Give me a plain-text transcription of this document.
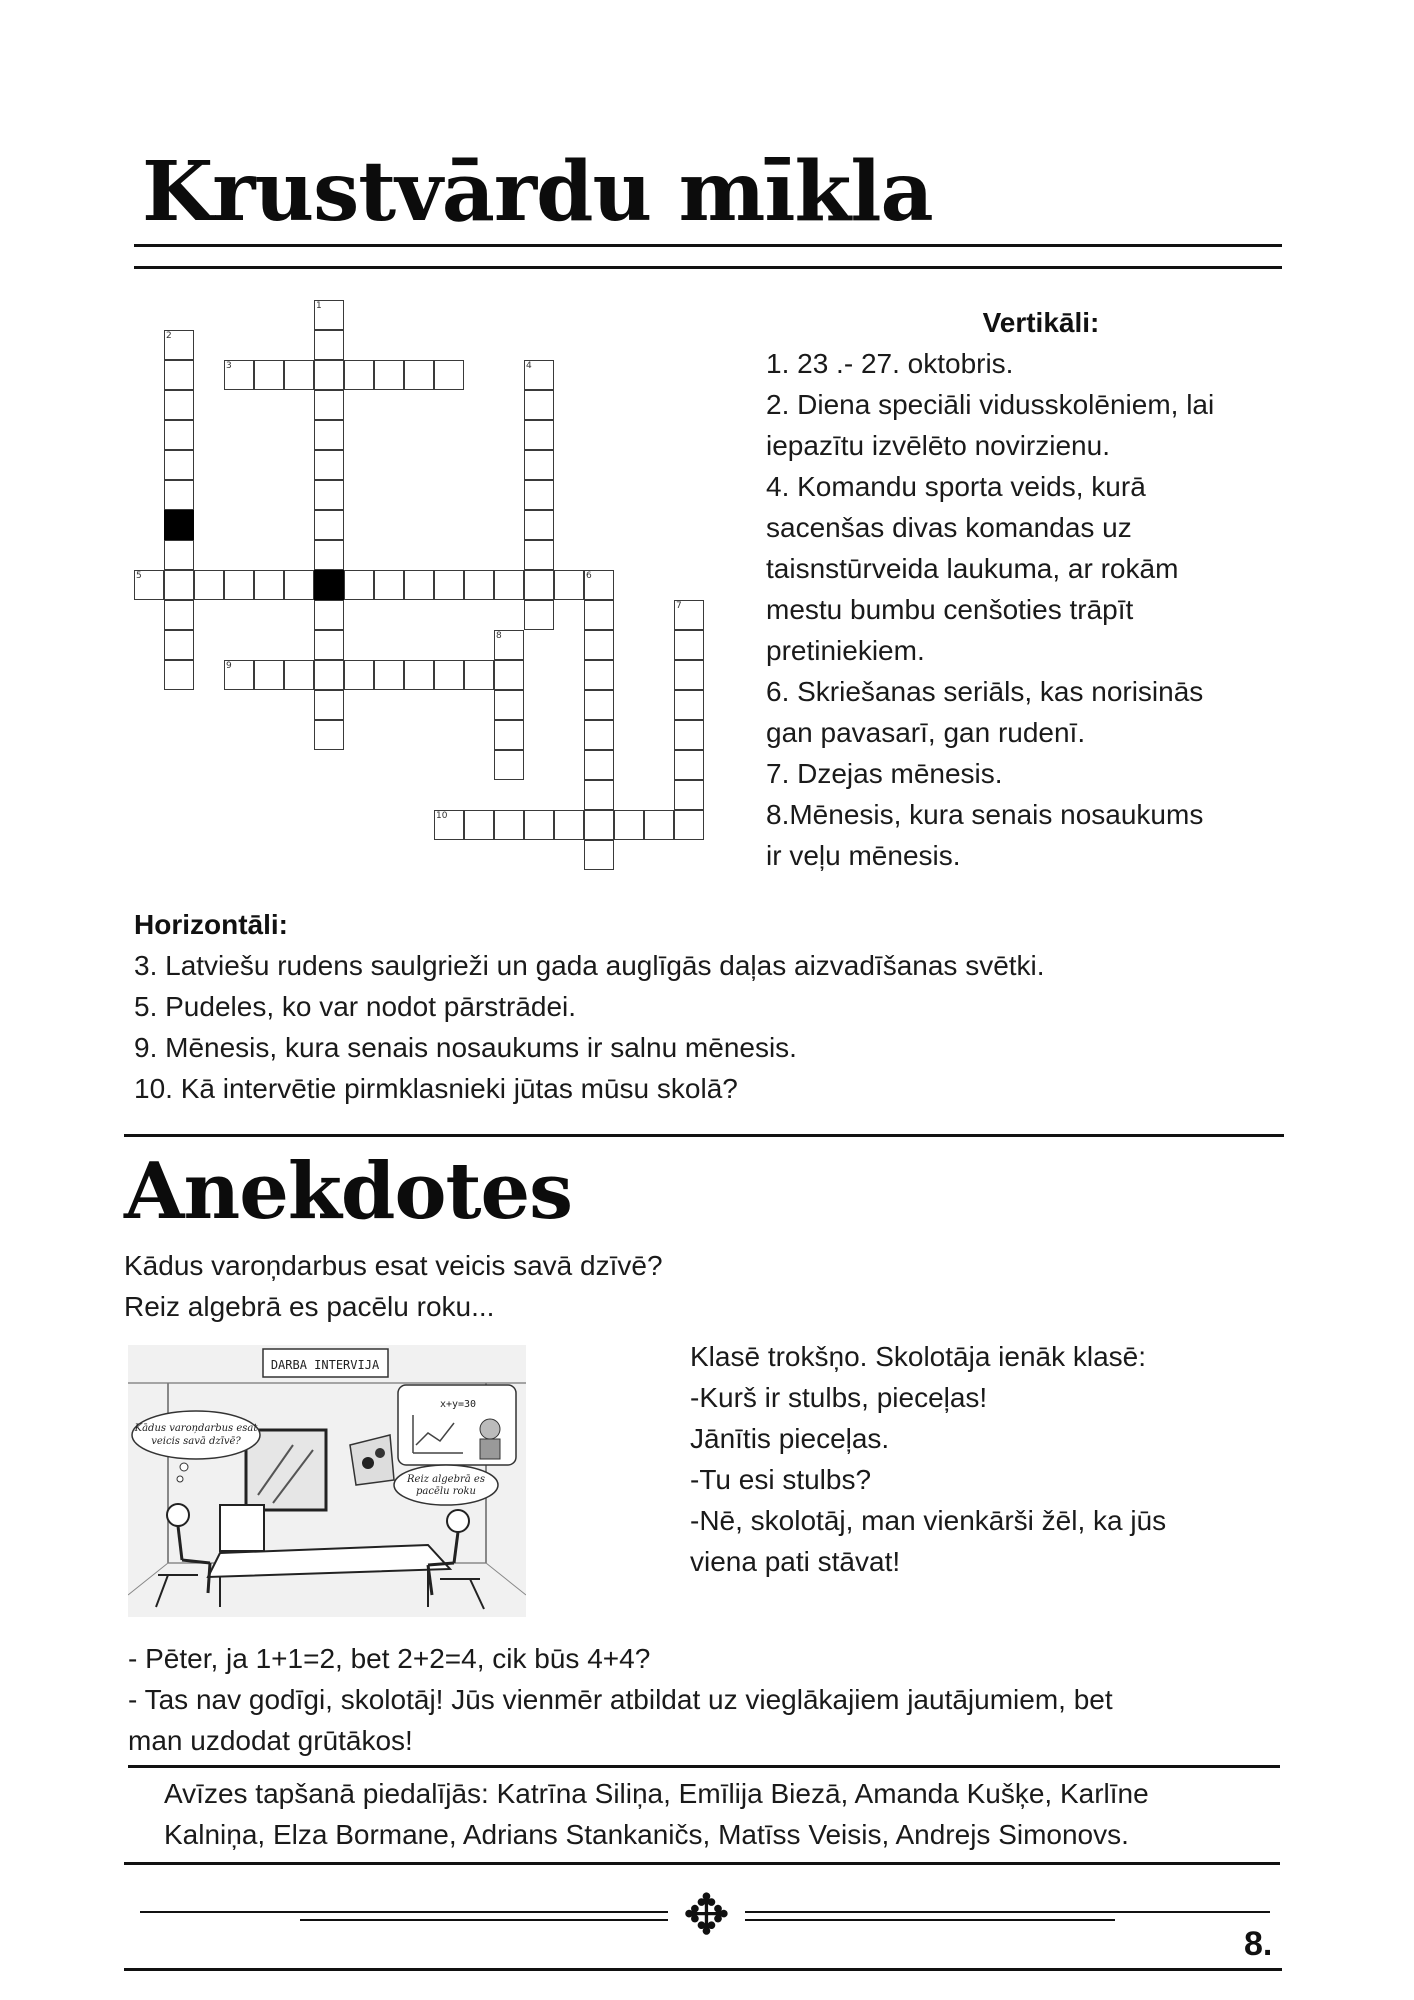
Krustvārdu mīkla
1
2
3	4
5	6
7
8
9
10
Vertikāli:
1. 23 .- 27. oktobris.
2. Diena speciāli vidusskolēniem, lai
iepazītu izvēlēto novirzienu.
4. Komandu sporta veids, kurā
sacenšas divas komandas uz
taisnstūrveida laukuma, ar rokām
mestu bumbu cenšoties trāpīt
pretiniekiem.
6. Skriešanas seriāls, kas norisinās
gan pavasarī, gan rudenī.
7. Dzejas mēnesis.
8.Mēnesis, kura senais nosaukums
ir veļu mēnesis.
Horizontāli:
3. Latviešu rudens saulgrieži un gada auglīgās daļas aizvadīšanas svētki.
5. Pudeles, ko var nodot pārstrādei.
9. Mēnesis, kura senais nosaukums ir salnu mēnesis.
10. Kā intervētie pirmklasnieki jūtas mūsu skolā?
Anekdotes
Kādus varoņdarbus esat veicis savā dzīvē?
Reiz algebrā es pacēlu roku...
DARBA INTERVIJA
x+y=30
Kādus varoņdarbus esat
veicis savā dzīvē?
Reiz algebrā es
pacēlu roku
Klasē trokšņo. Skolotāja ienāk klasē:
-Kurš ir stulbs, pieceļas!
Jānītis pieceļas.
-Tu esi stulbs?
-Nē, skolotāj, man vienkārši žēl, ka jūs
viena pati stāvat!
- Pēter, ja 1+1=2, bet 2+2=4, cik būs 4+4?
- Tas nav godīgi, skolotāj! Jūs vienmēr atbildat uz vieglākajiem jautājumiem, bet
man uzdodat grūtākos!
Avīzes tapšanā piedalījās: Katrīna Siliņa, Emīlija Biezā, Amanda Kušķe, Karlīne
Kalniņa, Elza Bormane, Adrians Stankaničs, Matīss Veisis, Andrejs Simonovs.
✥	8.
